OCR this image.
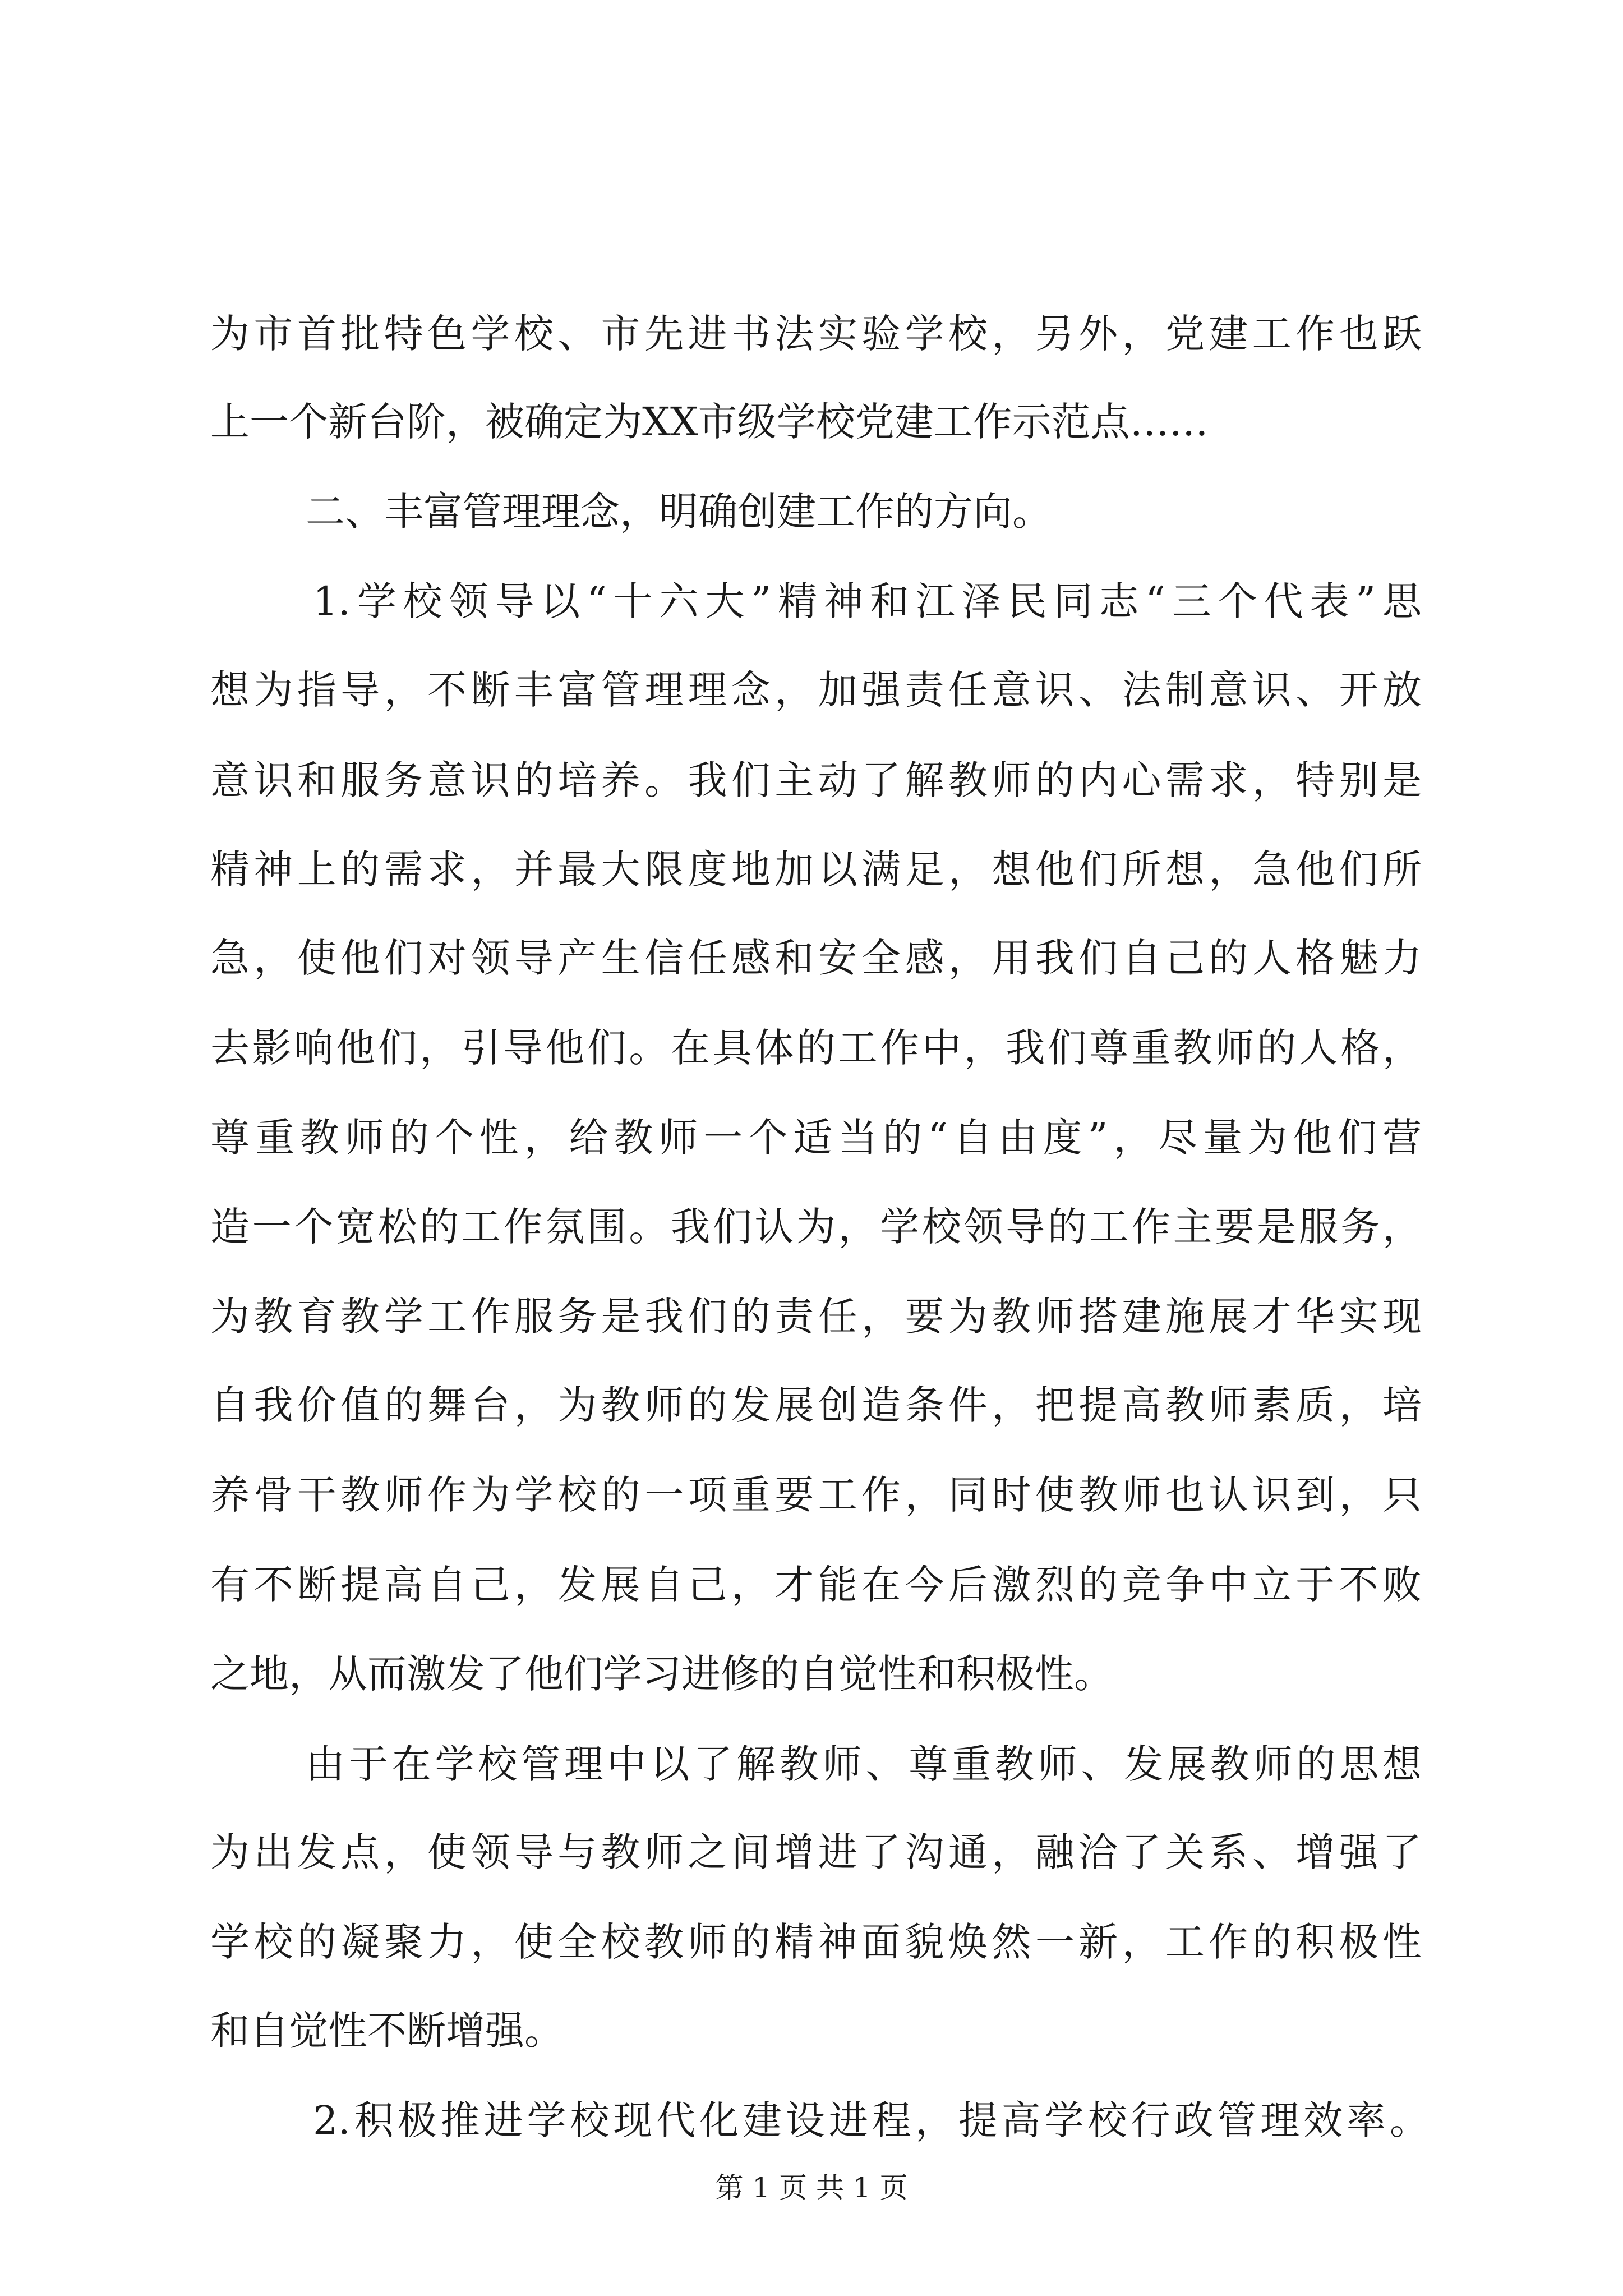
为市首批特色学校、市先进书法实验学校，另外，党建工作也跃
上一个新台阶，被确定为XX市级学校党建工作示范点……
二、丰富管理理念，明确创建工作的方向。
1.学校领导以“十六大”精神和江泽民同志“三个代表”思
想为指导，不断丰富管理理念，加强责任意识、法制意识、开放
意识和服务意识的培养。我们主动了解教师的内心需求，特别是
精神上的需求，并最大限度地加以满足，想他们所想，急他们所
急，使他们对领导产生信任感和安全感，用我们自己的人格魅力
去影响他们，引导他们。在具体的工作中，我们尊重教师的人格，
尊重教师的个性，给教师一个适当的“自由度”，尽量为他们营
造一个宽松的工作氛围。我们认为，学校领导的工作主要是服务，
为教育教学工作服务是我们的责任，要为教师搭建施展才华实现
自我价值的舞台，为教师的发展创造条件，把提高教师素质，培
养骨干教师作为学校的一项重要工作，同时使教师也认识到，只
有不断提高自己，发展自己，才能在今后激烈的竞争中立于不败
之地，从而激发了他们学习进修的自觉性和积极性。
由于在学校管理中以了解教师、尊重教师、发展教师的思想
为出发点，使领导与教师之间增进了沟通，融洽了关系、增强了
学校的凝聚力，使全校教师的精神面貌焕然一新，工作的积极性
和自觉性不断增强。
2.积极推进学校现代化建设进程，提高学校行政管理效率。
第 1 页 共 1 页
